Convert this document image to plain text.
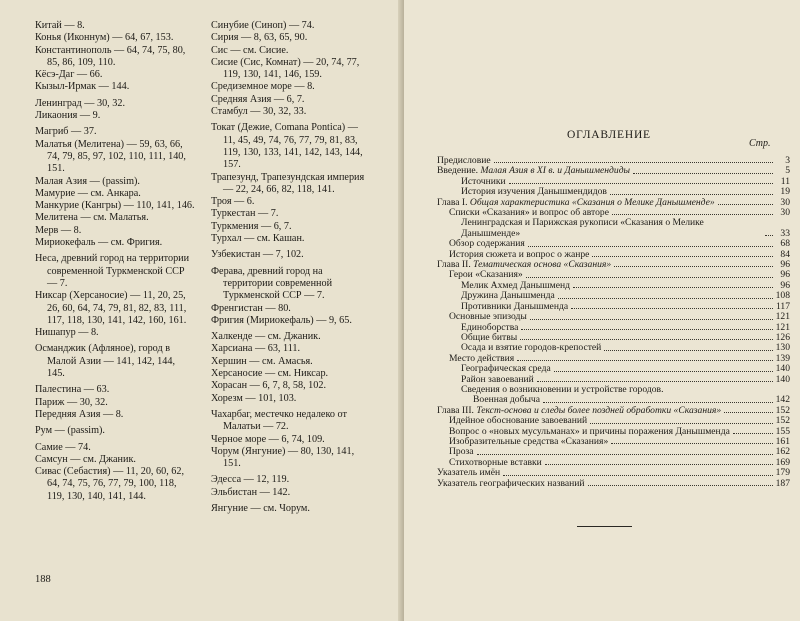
Китай — 8.

Конья (Иконнум) — 64, 67, 153.

Константинополь — 64, 74, 75, 80, 85, 86, 109, 110.

Кёсэ-Даг — 66.

Кызыл-Ирмак — 144.

Ленинград — 30, 32.

Ликаония — 9.

Магриб — 37.

Малатья (Мелитена) — 59, 63, 66, 74, 79, 85, 97, 102, 110, 111, 140, 151.

Малая Азия — (passim).

Мамурие — см. Анкара.

Манкурие (Кангры) — 110, 141, 146.

Мелитена — см. Малатья.

Мерв — 8.

Мириокефаль — см. Фригия.

Неса, древний город на территории современной Туркменской ССР — 7.

Никсар (Херсаносие) — 11, 20, 25, 26, 60, 64, 74, 79, 81, 82, 83, 111, 117, 118, 130, 141, 142, 160, 161.

Нишапур — 8.

Османджик (Афляное), город в Малой Азии — 141, 142, 144, 145.

Палестина — 63.

Париж — 30, 32.

Передняя Азия — 8.

Рум — (passim).

Самие — 74.

Самсун — см. Джаник.

Сивас (Себастия) — 11, 20, 60, 62, 64, 74, 75, 76, 77, 79, 100, 118, 119, 130, 140, 141, 144.

Синубие (Синоп) — 74.

Сирия — 8, 63, 65, 90.

Сис — см. Сисие.

Сисие (Сис, Комнат) — 20, 74, 77, 119, 130, 141, 146, 159.

Средиземное море — 8.

Средняя Азия — 6, 7.

Стамбул — 30, 32, 33.

Токат (Дежие, Comana Pontica) — 11, 45, 49, 74, 76, 77, 79, 81, 83, 119, 130, 133, 141, 142, 143, 144, 157.

Трапезунд, Трапезундская империя — 22, 24, 66, 82, 118, 141.

Троя — 6.

Туркестан — 7.

Туркмения — 6, 7.

Турхал — см. Кашан.

Узбекистан — 7, 102.

Ферава, древний город на территории современной Туркменской ССР — 7.

Френгистан — 80.

Фригия (Мириокефаль) — 9, 65.

Халкенде — см. Джаник.

Харсиана — 63, 111.

Хершин — см. Амасья.

Херсаносие — см. Никсар.

Хорасан — 6, 7, 8, 58, 102.

Хорезм — 101, 103.

Чахарбаг, местечко недалеко от Малатьи — 72.

Черное море — 6, 74, 109.

Чорум (Янгуние) — 80, 130, 141, 151.

Эдесса — 12, 119.

Эльбистан — 142.

Янгуние — см. Чорум.

188
ОГЛАВЛЕНИЕ
Стр.
Предисловие	3
Введение. Малая Азия в XI в. и Данышмендиды	5
Источники	11
История изучения Данышмендидов	19
Глава I. Общая характеристика «Сказания о Мелике Данышменде»	30
Списки «Сказания» и вопрос об авторе	30
Ленинградская и Парижская рукописи «Сказания о Мелике Данышменде»	33
Обзор содержания	68
История сюжета и вопрос о жанре	84
Глава II. Тематическая основа «Сказания»	96
Герои «Сказания»	96
Мелик Ахмед Данышменд	96
Дружина Данышменда	108
Противники Данышменда	117
Основные эпизоды	121
Единоборства	121
Общие битвы	126
Осада и взятие городов-крепостей	130
Место действия	139
Географическая среда	140
Район завоеваний	140
Сведения о возникновении и устройстве городов.
Военная добыча	142
Глава III. Текст-основа и следы более поздней обработки «Сказания»	152
Идейное обоснование завоеваний	152
Вопрос о «новых мусульманах» и причины поражения Данышменда	155
Изобразительные средства «Сказания»	161
Проза	162
Стихотворные вставки	169
Указатель имён	179
Указатель географических названий	187
